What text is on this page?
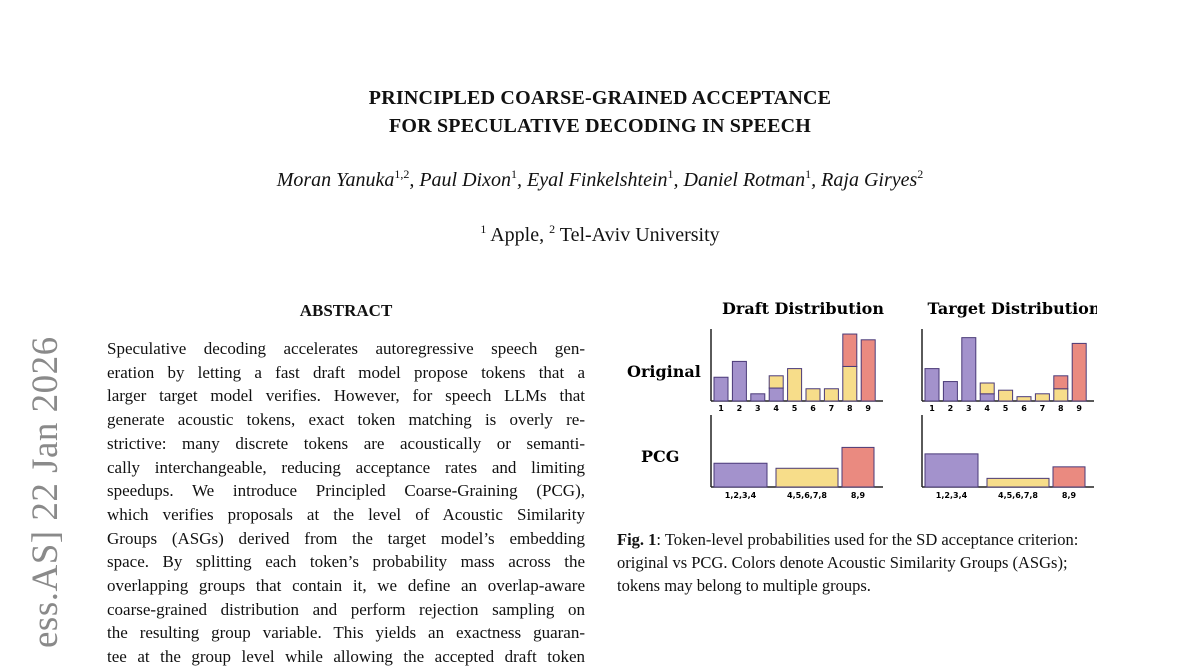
PRINCIPLED COARSE-GRAINED ACCEPTANCE
FOR SPECULATIVE DECODING IN SPEECH
Moran Yanuka$^{1,2}$, Paul Dixon$^1$, Eyal Finkelshtein$^1$, Daniel Rotman$^1$, Raja Giryes$^2$
$^1$ Apple, $^2$ Tel-Aviv University
ess.AS] 22 Jan 2026
ABSTRACT
Speculative decoding accelerates autoregressive speech gen-
eration by letting a fast draft model propose tokens that a
larger target model verifies. However, for speech LLMs that
generate acoustic tokens, exact token matching is overly re-
strictive: many discrete tokens are acoustically or semanti-
cally interchangeable, reducing acceptance rates and limiting
speedups. We introduce Principled Coarse-Graining (PCG),
which verifies proposals at the level of Acoustic Similarity
Groups (ASGs) derived from the target model’s embedding
space. By splitting each token’s probability mass across the
overlapping groups that contain it, we define an overlap-aware
coarse-grained distribution and perform rejection sampling on
the resulting group variable. This yields an exactness guaran-
tee at the group level while allowing the accepted draft token
Original
PCG
Draft Distribution
1 2 3 4 5 6 7 8 9
1,2,3,4	4,5,6,7,8	8,9
Target Distribution
1 2 3 4 5 6 7 8 9
1,2,3,4	4,5,6,7,8	8,9
Fig. 1: Token-level probabilities used for the SD acceptance criterion: original vs PCG. Colors denote Acoustic Similarity Groups (ASGs); tokens may belong to multiple groups.
